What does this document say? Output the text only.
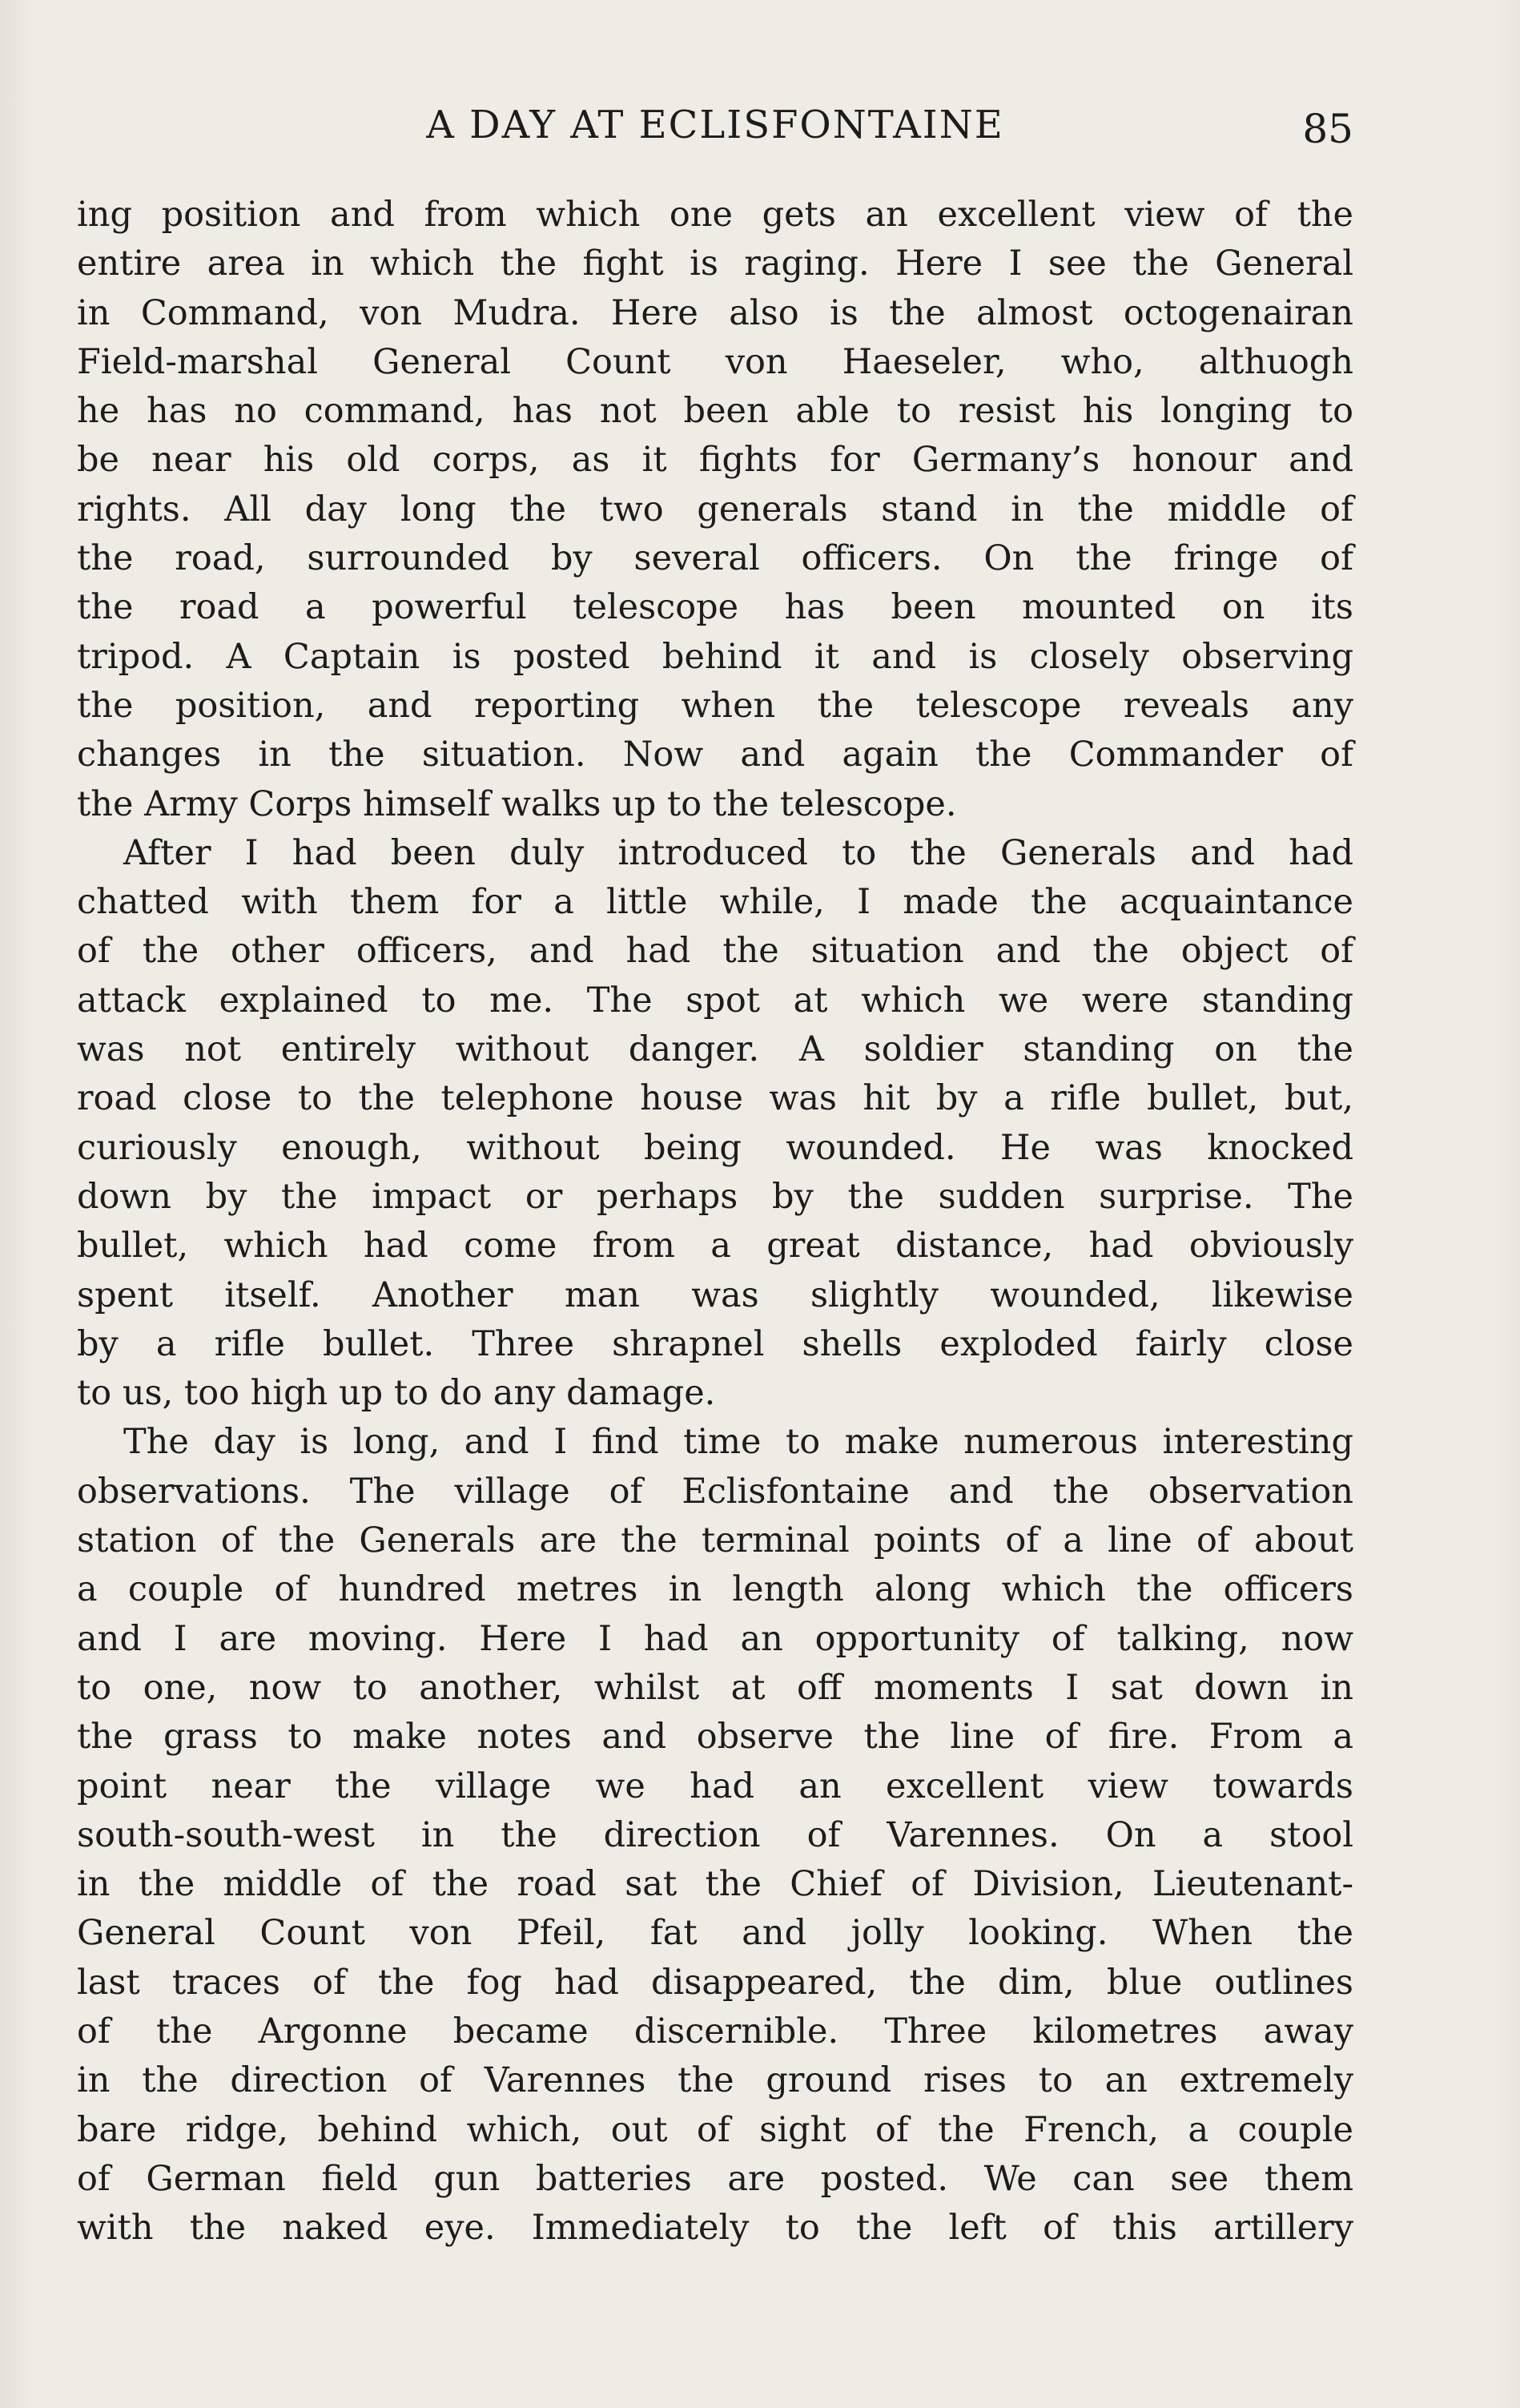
A DAY AT ECLISFONTAINE	85
ing position and from which one gets an excellent view of the
entire area in which the fight is raging. Here I see the General
in Command, von Mudra. Here also is the almost octogenairan
Field-marshal General Count von Haeseler, who, althuogh
he has no command, has not been able to resist his longing to
be near his old corps, as it fights for Germany’s honour and
rights. All day long the two generals stand in the middle of
the road, surrounded by several officers. On the fringe of
the road a powerful telescope has been mounted on its
tripod. A Captain is posted behind it and is closely observing
the position, and reporting when the telescope reveals any
changes in the situation. Now and again the Commander of
the Army Corps himself walks up to the telescope.
After I had been duly introduced to the Generals and had
chatted with them for a little while, I made the acquaintance
of the other officers, and had the situation and the object of
attack explained to me. The spot at which we were standing
was not entirely without danger. A soldier standing on the
road close to the telephone house was hit by a rifle bullet, but,
curiously enough, without being wounded. He was knocked
down by the impact or perhaps by the sudden surprise. The
bullet, which had come from a great distance, had obviously
spent itself. Another man was slightly wounded, likewise
by a rifle bullet. Three shrapnel shells exploded fairly close
to us, too high up to do any damage.
The day is long, and I find time to make numerous interesting
observations. The village of Eclisfontaine and the observation
station of the Generals are the terminal points of a line of about
a couple of hundred metres in length along which the officers
and I are moving. Here I had an opportunity of talking, now
to one, now to another, whilst at off moments I sat down in
the grass to make notes and observe the line of fire. From a
point near the village we had an excellent view towards
south-south-west in the direction of Varennes. On a stool
in the middle of the road sat the Chief of Division, Lieutenant-
General Count von Pfeil, fat and jolly looking. When the
last traces of the fog had disappeared, the dim, blue outlines
of the Argonne became discernible. Three kilometres away
in the direction of Varennes the ground rises to an extremely
bare ridge, behind which, out of sight of the French, a couple
of German field gun batteries are posted. We can see them
with the naked eye. Immediately to the left of this artillery
